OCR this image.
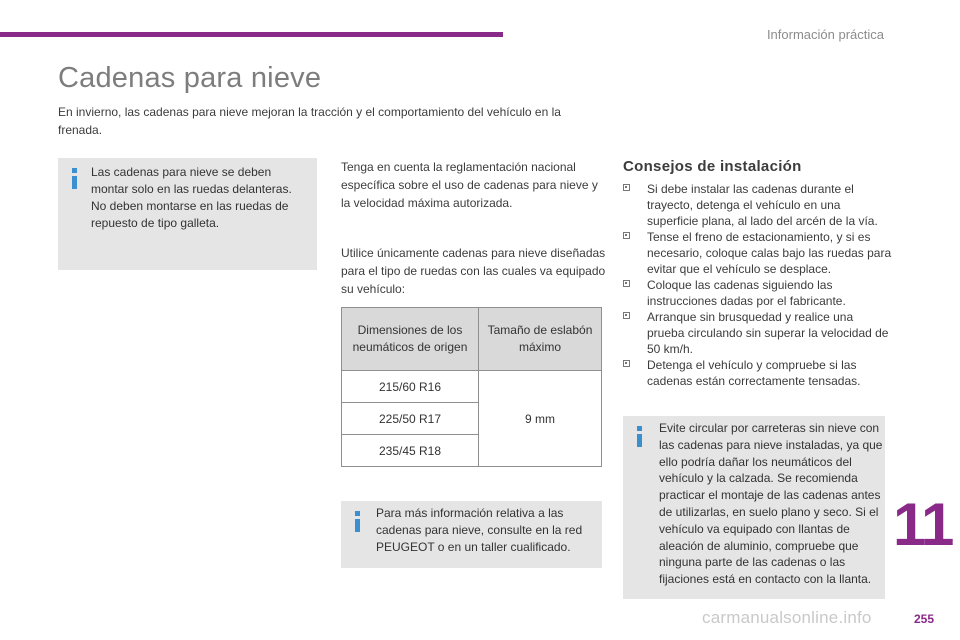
Información práctica
Cadenas para nieve
En invierno, las cadenas para nieve mejoran la tracción y el comportamiento del vehículo en la frenada.
Las cadenas para nieve se deben montar solo en las ruedas delanteras. No deben montarse en las ruedas de repuesto de tipo galleta.
Tenga en cuenta la reglamentación nacional específica sobre el uso de cadenas para nieve y la velocidad máxima autorizada.
Utilice únicamente cadenas para nieve diseñadas para el tipo de ruedas con las cuales va equipado su vehículo:
Dimensiones de los neumáticos de origen	Tamaño de eslabón máximo
215/60 R16	9 mm
225/50 R17	
235/45 R18	
Para más información relativa a las cadenas para nieve, consulte en la red PEUGEOT o en un taller cualificado.
Consejos de instalación
Si debe instalar las cadenas durante el trayecto, detenga el vehículo en una superficie plana, al lado del arcén de la vía.
Tense el freno de estacionamiento, y si es necesario, coloque calas bajo las ruedas para evitar que el vehículo se desplace.
Coloque las cadenas siguiendo las instrucciones dadas por el fabricante.
Arranque sin brusquedad y realice una prueba circulando sin superar la velocidad de 50 km/h.
Detenga el vehículo y compruebe si las cadenas están correctamente tensadas.
Evite circular por carreteras sin nieve con las cadenas para nieve instaladas, ya que ello podría dañar los neumáticos del vehículo y la calzada. Se recomienda practicar el montaje de las cadenas antes de utilizarlas, en suelo plano y seco. Si el vehículo va equipado con llantas de aleación de aluminio, compruebe que ninguna parte de las cadenas o las fijaciones está en contacto con la llanta.
11
carmanualsonline.info	255
